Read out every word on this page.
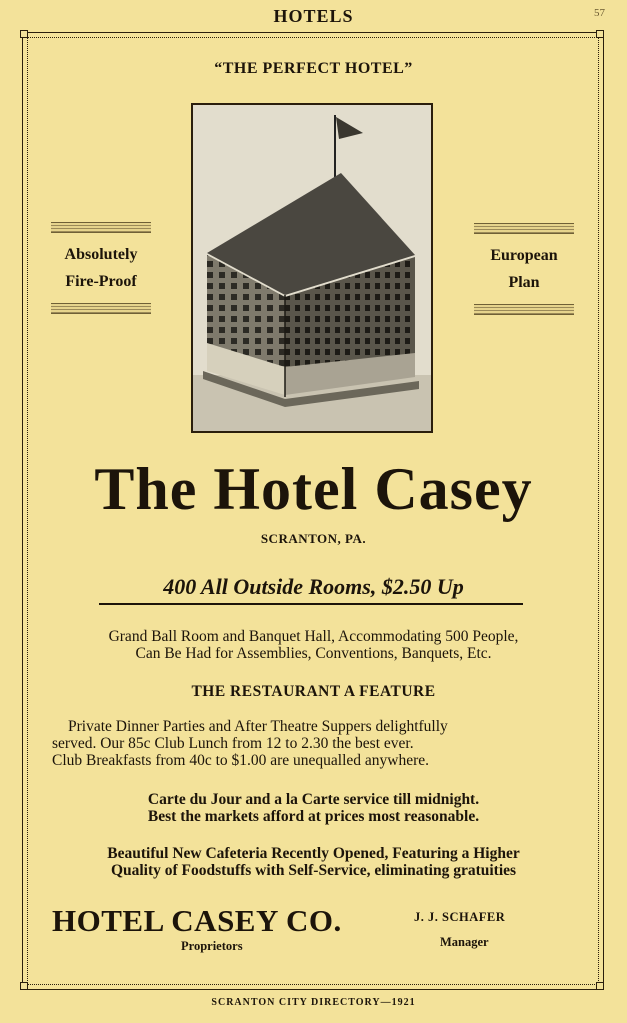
HOTELS	57
“THE PERFECT HOTEL”
Absolutely
Fire-Proof
European
Plan
The Hotel Casey
SCRANTON, PA.
400 All Outside Rooms, $2.50 Up
Grand Ball Room and Banquet Hall, Accommodating 500 People,
Can Be Had for Assemblies, Conventions, Banquets, Etc.
THE RESTAURANT A FEATURE
Private Dinner Parties and After Theatre Suppers delightfully
served. Our 85c Club Lunch from 12 to 2.30 the best ever.
Club Breakfasts from 40c to $1.00 are unequalled anywhere.
Carte du Jour and a la Carte service till midnight.
Best the markets afford at prices most reasonable.
Beautiful New Cafeteria Recently Opened, Featuring a Higher
Quality of Foodstuffs with Self-Service, eliminating gratuities
HOTEL CASEY CO.
Proprietors
J. J. SCHAFER
Manager
SCRANTON CITY DIRECTORY—1921
